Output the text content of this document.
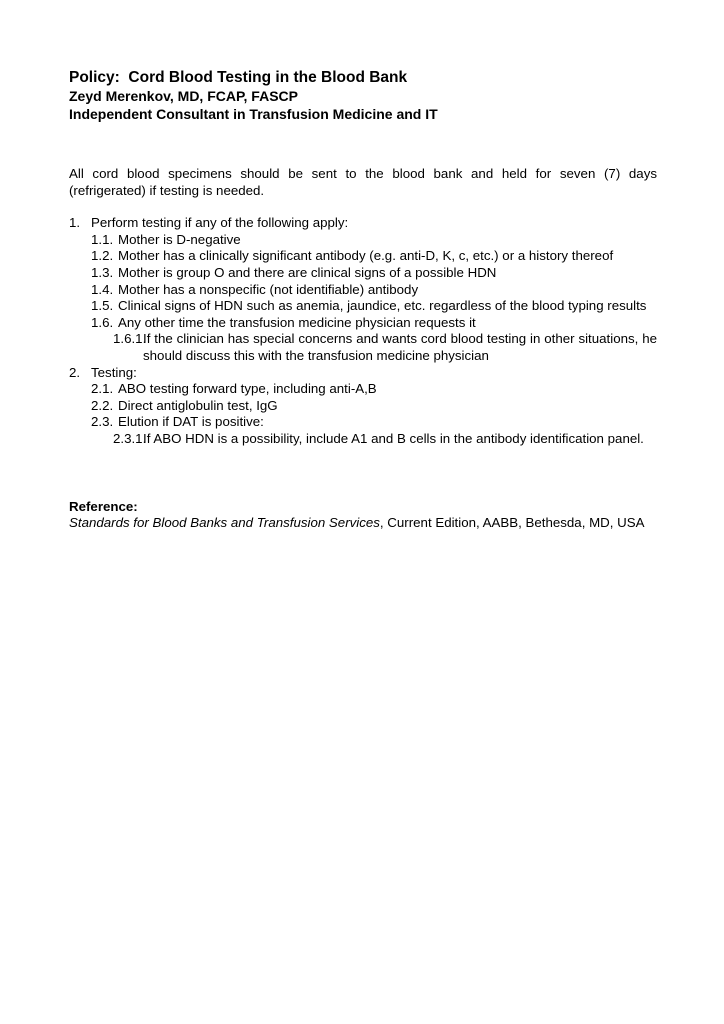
Policy:  Cord Blood Testing in the Blood Bank
Zeyd Merenkov, MD, FCAP, FASCP
Independent Consultant in Transfusion Medicine and IT

All cord blood specimens should be sent to the blood bank and held for seven (7) days (refrigerated) if testing is needed.

1. Perform testing if any of the following apply:
1.1. Mother is D-negative
1.2. Mother has a clinically significant antibody (e.g. anti-D, K, c, etc.) or a history thereof
1.3. Mother is group O and there are clinical signs of a possible HDN
1.4. Mother has a nonspecific (not identifiable) antibody
1.5. Clinical signs of HDN such as anemia, jaundice, etc. regardless of the blood typing results
1.6. Any other time the transfusion medicine physician requests it
1.6.1.
If the clinician has special concerns and wants cord blood testing in other situations, he should discuss this with the transfusion medicine physician
2. Testing:
2.1. ABO testing forward type, including anti-A,B
2.2. Direct antiglobulin test, IgG
2.3. Elution if DAT is positive:
2.3.1.
If ABO HDN is a possibility, include A1 and B cells in the antibody identification panel.
Reference:
Standards for Blood Banks and Transfusion Services, Current Edition, AABB, Bethesda, MD, USA
